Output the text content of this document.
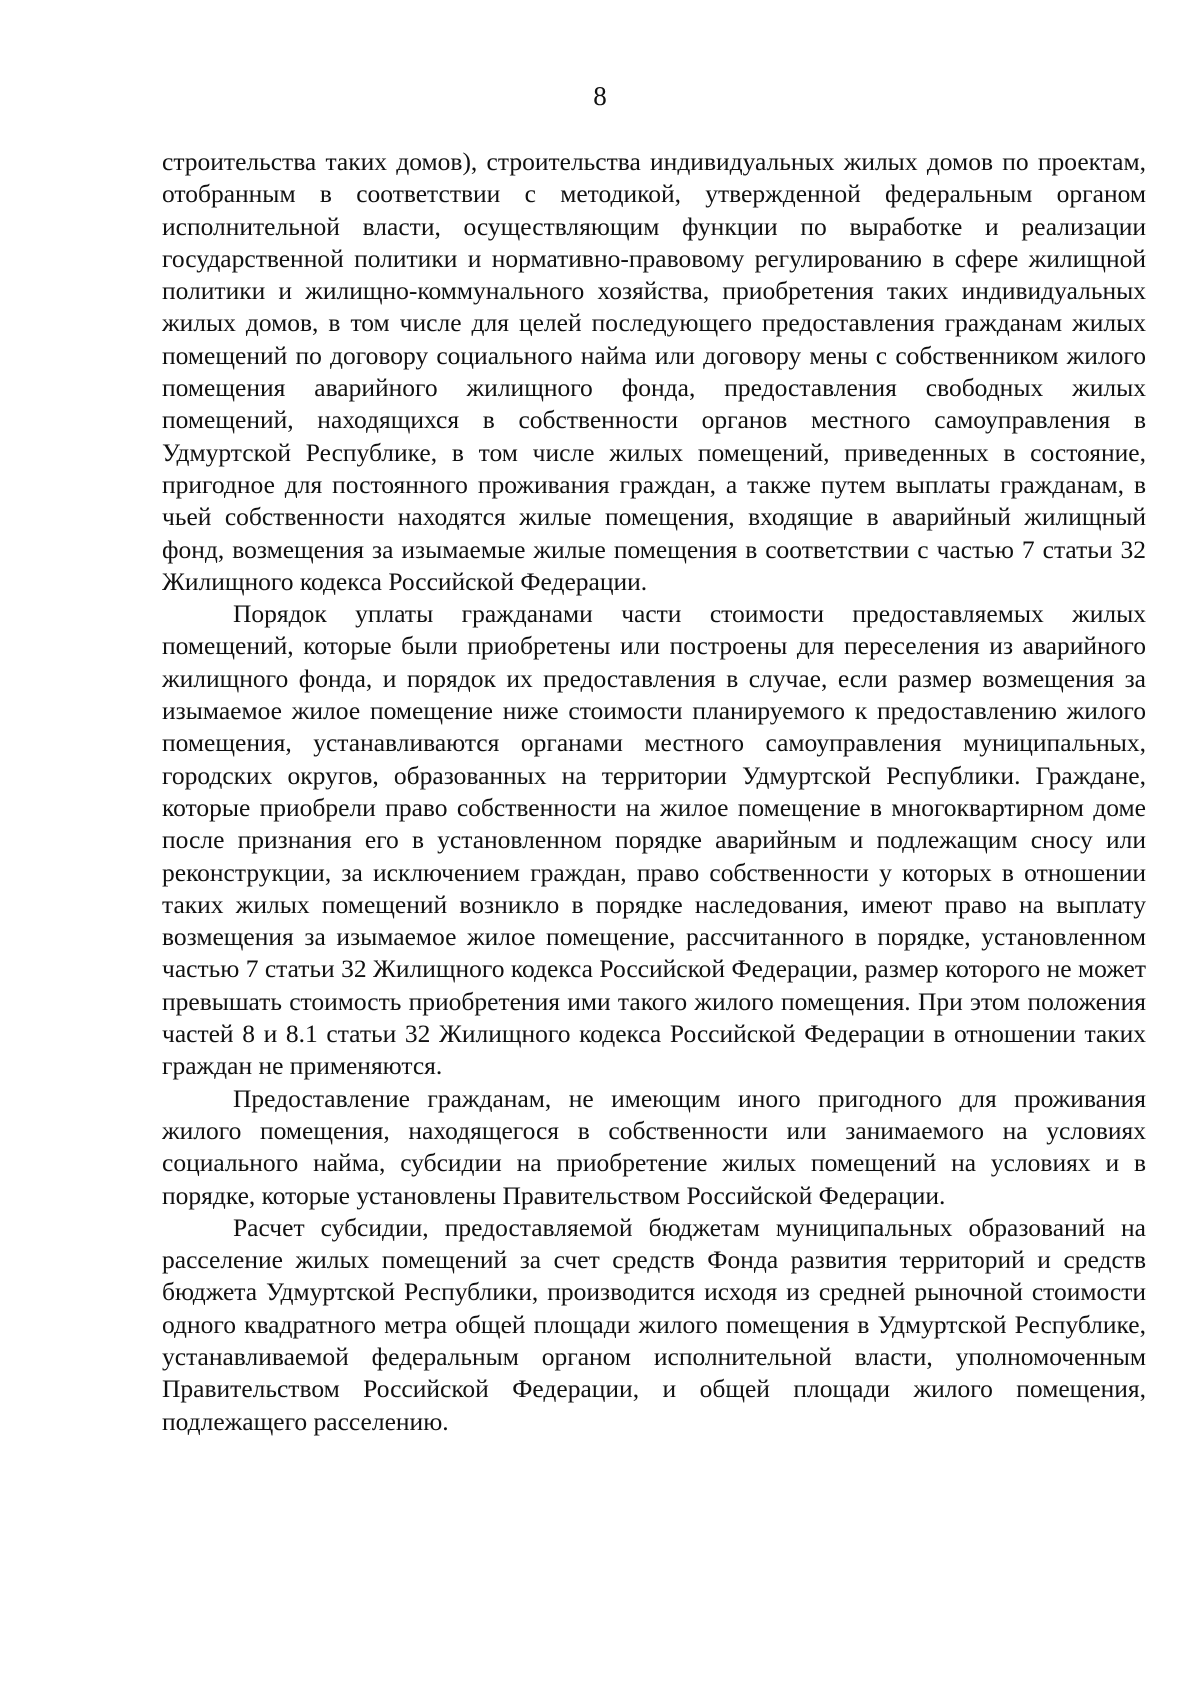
8

строительства таких домов), строительства индивидуальных жилых домов по проектам, отобранным в соответствии с методикой, утвержденной федеральным органом исполнительной власти, осуществляющим функции по выработке и реализации государственной политики и нормативно-правовому регулированию в сфере жилищной политики и жилищно-коммунального хозяйства, приобретения таких индивидуальных жилых домов, в том числе для целей последующего предоставления гражданам жилых помещений по договору социального найма или договору мены с собственником жилого помещения аварийного жилищного фонда, предоставления свободных жилых помещений, находящихся в собственности органов местного самоуправления в Удмуртской Республике, в том числе жилых помещений, приведенных в состояние, пригодное для постоянного проживания граждан, а также путем выплаты гражданам, в чьей собственности находятся жилые помещения, входящие в аварийный жилищный фонд, возмещения за изымаемые жилые помещения в соответствии с частью 7 статьи 32 Жилищного кодекса Российской Федерации.

Порядок уплаты гражданами части стоимости предоставляемых жилых помещений, которые были приобретены или построены для переселения из аварийного жилищного фонда, и порядок их предоставления в случае, если размер возмещения за изымаемое жилое помещение ниже стоимости планируемого к предоставлению жилого помещения, устанавливаются органами местного самоуправления муниципальных, городских округов, образованных на территории Удмуртской Республики. Граждане, которые приобрели право собственности на жилое помещение в многоквартирном доме после признания его в установленном порядке аварийным и подлежащим сносу или реконструкции, за исключением граждан, право собственности у которых в отношении таких жилых помещений возникло в порядке наследования, имеют право на выплату возмещения за изымаемое жилое помещение, рассчитанного в порядке, установленном частью 7 статьи 32 Жилищного кодекса Российской Федерации, размер которого не может превышать стоимость приобретения ими такого жилого помещения. При этом положения частей 8 и 8.1 статьи 32 Жилищного кодекса Российской Федерации в отношении таких граждан не применяются.

Предоставление гражданам, не имеющим иного пригодного для проживания жилого помещения, находящегося в собственности или занимаемого на условиях социального найма, субсидии на приобретение жилых помещений на условиях и в порядке, которые установлены Правительством Российской Федерации.

Расчет субсидии, предоставляемой бюджетам муниципальных образований на расселение жилых помещений за счет средств Фонда развития территорий и средств бюджета Удмуртской Республики, производится исходя из средней рыночной стоимости одного квадратного метра общей площади жилого помещения в Удмуртской Республике, устанавливаемой федеральным органом исполнительной власти, уполномоченным Правительством Российской Федерации, и общей площади жилого помещения, подлежащего расселению.
